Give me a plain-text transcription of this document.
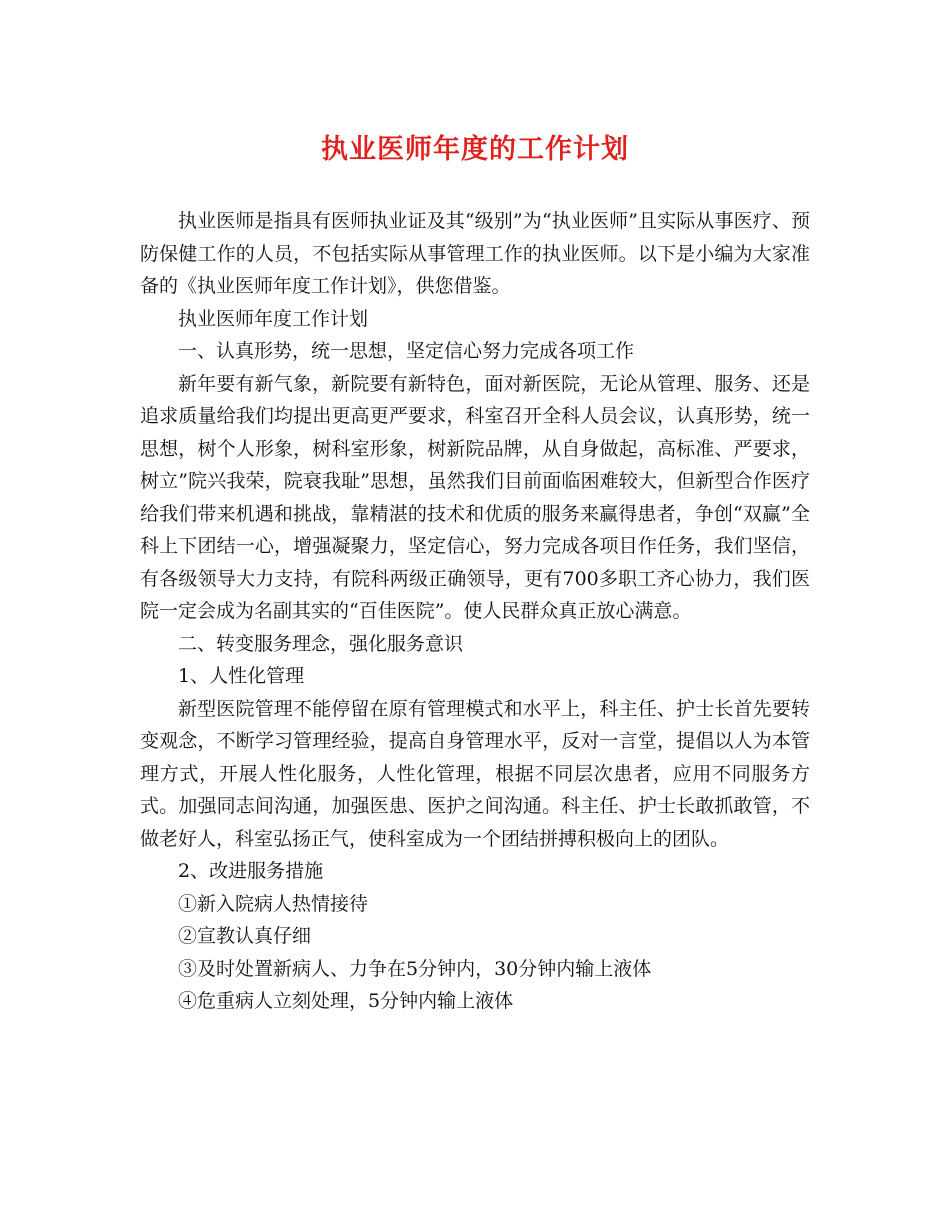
执业医师年度的工作计划

执业医师是指具有医师执业证及其“级别”为“执业医师”且实际从事医疗、预防保健工作的人员，不包括实际从事管理工作的执业医师。以下是小编为大家准备的《执业医师年度工作计划》，供您借鉴。

执业医师年度工作计划

一、认真形势，统一思想，坚定信心努力完成各项工作

新年要有新气象，新院要有新特色，面对新医院，无论从管理、服务、还是追求质量给我们均提出更高更严要求，科室召开全科人员会议，认真形势，统一思想，树个人形象，树科室形象，树新院品牌，从自身做起，高标准、严要求，树立”院兴我荣，院衰我耻”思想，虽然我们目前面临困难较大，但新型合作医疗给我们带来机遇和挑战，靠精湛的技术和优质的服务来赢得患者，争创“双赢”全科上下团结一心，增强凝聚力，坚定信心，努力完成各项目作任务，我们坚信，有各级领导大力支持，有院科两级正确领导，更有700多职工齐心协力，我们医院一定会成为名副其实的“百佳医院”。使人民群众真正放心满意。

二、转变服务理念，强化服务意识

1、人性化管理

新型医院管理不能停留在原有管理模式和水平上，科主任、护士长首先要转变观念，不断学习管理经验，提高自身管理水平，反对一言堂，提倡以人为本管理方式，开展人性化服务，人性化管理，根据不同层次患者，应用不同服务方式。加强同志间沟通，加强医患、医护之间沟通。科主任、护士长敢抓敢管，不做老好人，科室弘扬正气，使科室成为一个团结拼搏积极向上的团队。

2、改进服务措施

①新入院病人热情接待

②宣教认真仔细

③及时处置新病人、力争在5分钟内，30分钟内输上液体

④危重病人立刻处理，5分钟内输上液体
